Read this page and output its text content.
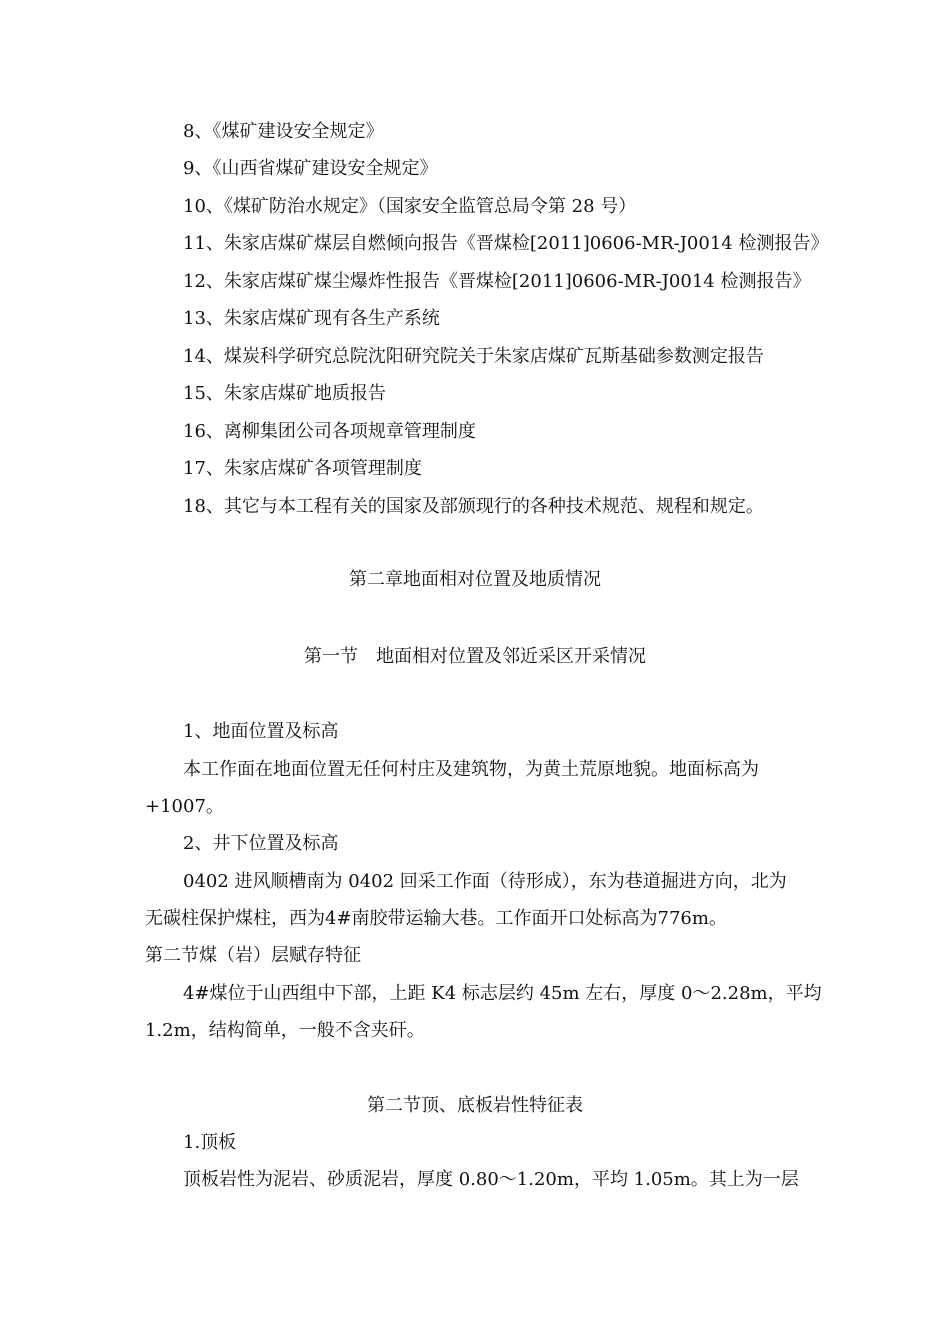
8、《煤矿建设安全规定》
9、《山西省煤矿建设安全规定》
10、《煤矿防治水规定》（国家安全监管总局令第 28 号）
11、朱家店煤矿煤层自燃倾向报告《晋煤检[2011]0606-MR-J0014 检测报告》
12、朱家店煤矿煤尘爆炸性报告《晋煤检[2011]0606-MR-J0014 检测报告》
13、朱家店煤矿现有各生产系统
14、煤炭科学研究总院沈阳研究院关于朱家店煤矿瓦斯基础参数测定报告
15、朱家店煤矿地质报告
16、离柳集团公司各项规章管理制度
17、朱家店煤矿各项管理制度
18、其它与本工程有关的国家及部颁现行的各种技术规范、规程和规定。
第二章地面相对位置及地质情况
第一节　地面相对位置及邻近采区开采情况
1、地面位置及标高
本工作面在地面位置无任何村庄及建筑物，为黄土荒原地貌。地面标高为
+1007。
2、井下位置及标高
0402 进风顺槽南为 0402 回采工作面（待形成），东为巷道掘进方向，北为
无碳柱保护煤柱，西为4#南胶带运输大巷。工作面开口处标高为776m。
第二节煤（岩）层赋存特征
4#煤位于山西组中下部，上距 K4 标志层约 45m 左右，厚度 0～2.28m，平均
1.2m，结构简单，一般不含夹矸。
第二节顶、底板岩性特征表
1.顶板
顶板岩性为泥岩、砂质泥岩，厚度 0.80～1.20m，平均 1.05m。其上为一层
